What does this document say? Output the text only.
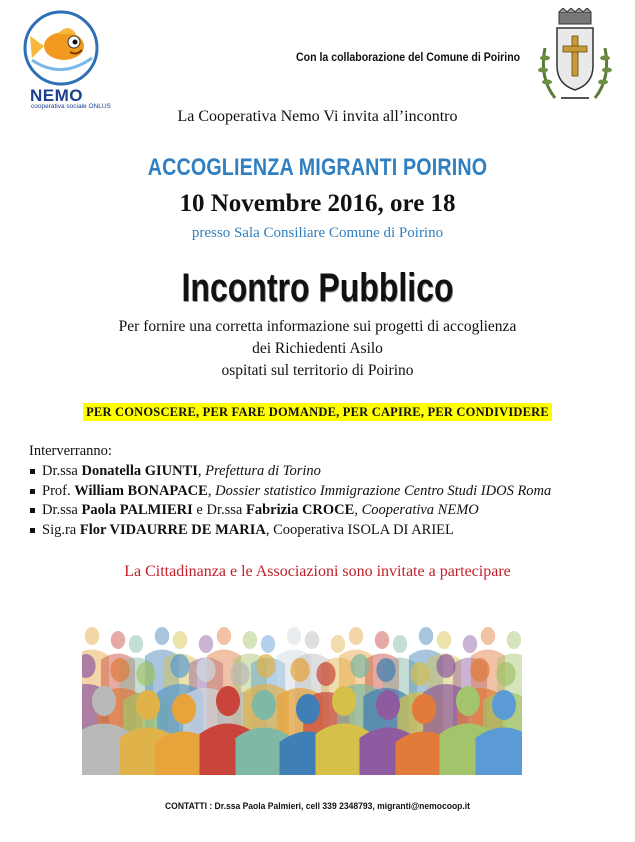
NEMO
cooperativa sociale ONLUS
Con la collaborazione del Comune di Poirino
La Cooperativa Nemo Vi invita all’incontro
ACCOGLIENZA MIGRANTI POIRINO
10 Novembre 2016, ore 18
presso Sala Consiliare Comune di Poirino
Incontro Pubblico
Per fornire una corretta informazione sui progetti di accoglienza
dei Richiedenti Asilo
ospitati sul territorio di Poirino
PER CONOSCERE, PER FARE DOMANDE, PER CAPIRE, PER CONDIVIDERE
Interverranno:
Dr.ssa Donatella GIUNTI, Prefettura di Torino
Prof. William BONAPACE, Dossier statistico Immigrazione Centro Studi IDOS Roma
Dr.ssa Paola PALMIERI e Dr.ssa Fabrizia CROCE, Cooperativa NEMO
Sig.ra Flor VIDAURRE DE MARIA, Cooperativa ISOLA DI ARIEL
La Cittadinanza e le Associazioni sono invitate a partecipare
CONTATTI : Dr.ssa Paola Palmieri, cell 339 2348793, migranti@nemocoop.it
